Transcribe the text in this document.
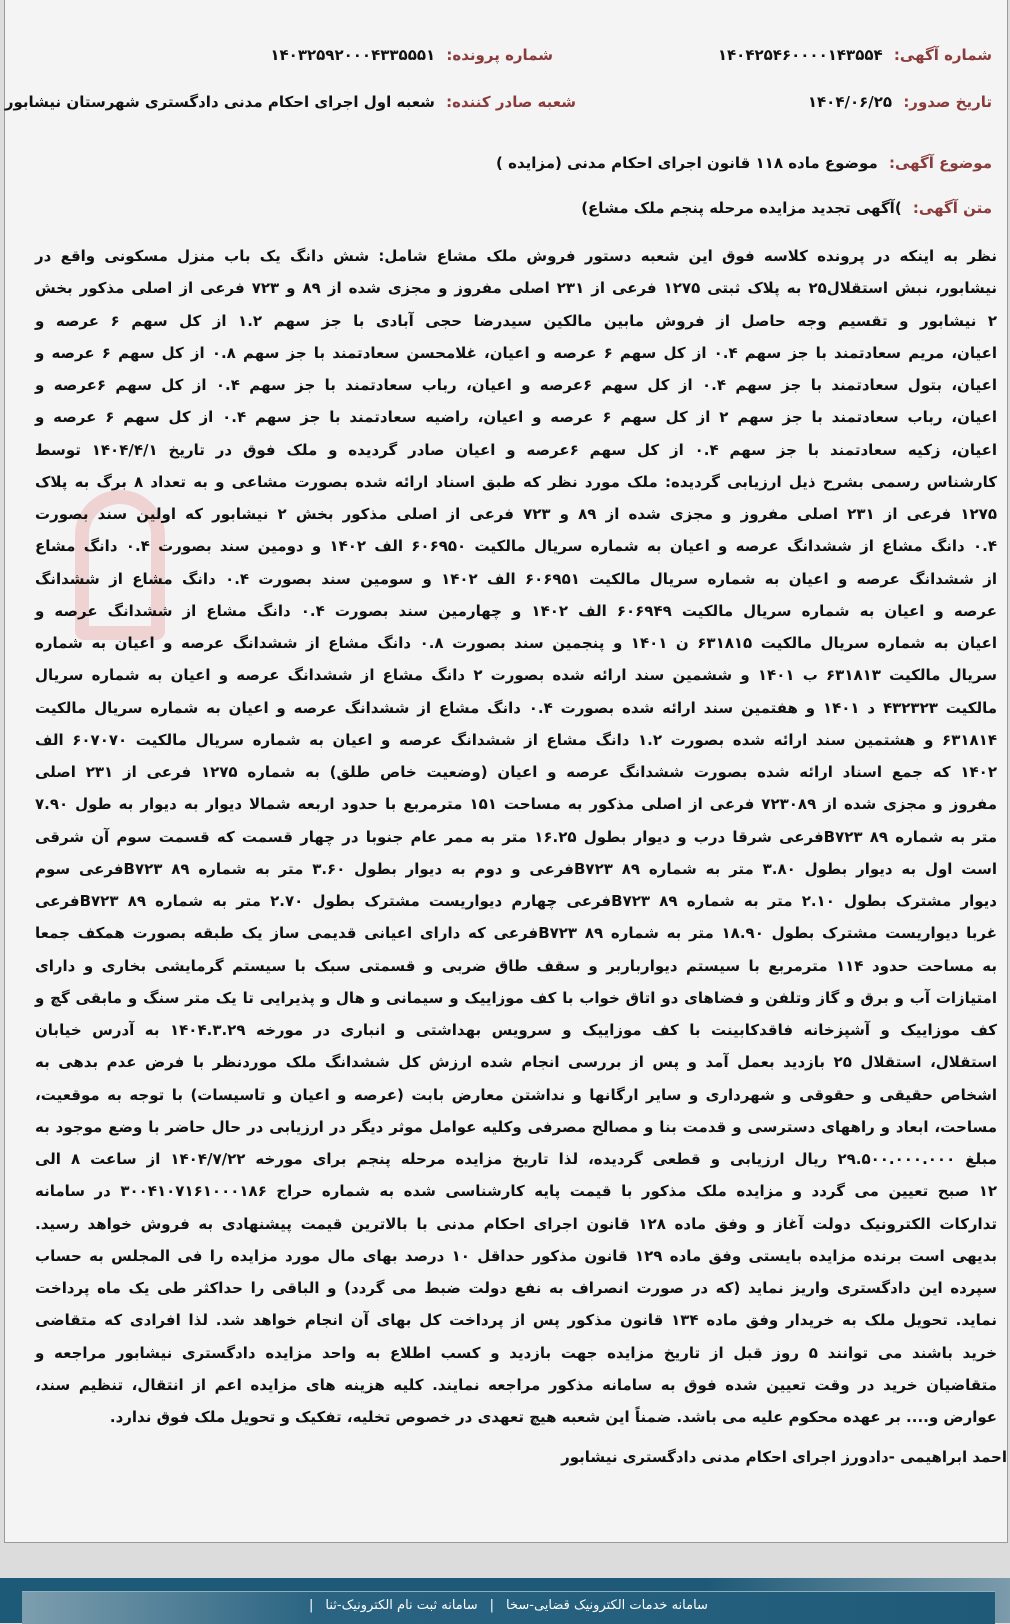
شماره آگهی: ۱۴۰۴۲۵۴۶۰۰۰۰۱۴۳۵۵۴
شماره پرونده: ۱۴۰۳۲۵۹۲۰۰۰۴۳۳۵۵۵۱
تاریخ صدور: ۱۴۰۴/۰۶/۲۵
شعبه صادر کننده: شعبه اول اجرای احکام مدنی دادگستری شهرستان نیشابور
موضوع آگهی: موضوع ماده ۱۱۸ قانون اجرای احکام مدنی (مزایده )
متن آگهی: )آگهی تجدید مزایده مرحله پنجم ملک مشاع)
نظر به اینکه در پرونده کلاسه فوق این شعبه دستور فروش ملک مشاع شامل: شش دانگ یک باب منزل مسکونی واقع در
نیشابور، نبش استقلال۲۵ به پلاک ثبتی ۱۲۷۵ فرعی از ۲۳۱ اصلی مفروز و مجزی شده از ۸۹ و ۷۲۳ فرعی از اصلی مذکور بخش
۲ نیشابور و تقسیم وجه حاصل از فروش مابین مالکین سیدرضا حجی آبادی با جز سهم ۱.۲ از کل سهم ۶ عرصه و
اعیان، مریم سعادتمند با جز سهم ۰.۴ از کل سهم ۶ عرصه و اعیان، غلامحسن سعادتمند با جز سهم ۰.۸ از کل سهم ۶ عرصه و
اعیان، بتول سعادتمند با جز سهم ۰.۴ از کل سهم ۶عرصه و اعیان، رباب سعادتمند با جز سهم ۰.۴ از کل سهم ۶عرصه و
اعیان، رباب سعادتمند با جز سهم ۲ از کل سهم ۶ عرصه و اعیان، راضیه سعادتمند با جز سهم ۰.۴ از کل سهم ۶ عرصه و
اعیان، زکیه سعادتمند با جز سهم ۰.۴ از کل سهم ۶عرصه و اعیان صادر گردیده و ملک فوق در تاریخ ۱۴۰۴/۴/۱ توسط
کارشناس رسمی بشرح ذیل ارزیابی گردیده: ملک مورد نظر که طبق اسناد ارائه شده بصورت مشاعی و به تعداد ۸ برگ به پلاک
۱۲۷۵ فرعی از ۲۳۱ اصلی مفروز و مجزی شده از ۸۹ و ۷۲۳ فرعی از اصلی مذکور بخش ۲ نیشابور که اولین سند بصورت
۰.۴ دانگ مشاع از ششدانگ عرصه و اعیان به شماره سریال مالکیت ۶۰۶۹۵۰ الف ۱۴۰۲ و دومین سند بصورت ۰.۴ دانگ مشاع
از ششدانگ عرصه و اعیان به شماره سریال مالکیت ۶۰۶۹۵۱ الف ۱۴۰۲ و سومین سند بصورت ۰.۴ دانگ مشاع از ششدانگ
عرصه و اعیان به شماره سریال مالکیت ۶۰۶۹۴۹ الف ۱۴۰۲ و چهارمین سند بصورت ۰.۴ دانگ مشاع از ششدانگ عرصه و
اعیان به شماره سریال مالکیت ۶۳۱۸۱۵ ن ۱۴۰۱ و پنجمین سند بصورت ۰.۸ دانگ مشاع از ششدانگ عرصه و اعیان به شماره
سریال مالکیت ۶۳۱۸۱۳ ب ۱۴۰۱ و ششمین سند ارائه شده بصورت ۲ دانگ مشاع از ششدانگ عرصه و اعیان به شماره سریال
مالکیت ۴۳۲۳۲۳ د ۱۴۰۱ و هفتمین سند ارائه شده بصورت ۰.۴ دانگ مشاع از ششدانگ عرصه و اعیان به شماره سریال مالکیت
۶۳۱۸۱۴ و هشتمین سند ارائه شده بصورت ۱.۲ دانگ مشاع از ششدانگ عرصه و اعیان به شماره سریال مالکیت ۶۰۷۰۷۰ الف
۱۴۰۲ که جمع اسناد ارائه شده بصورت ششدانگ عرصه و اعیان (وضعیت خاص طلق) به شماره ۱۲۷۵ فرعی از ۲۳۱ اصلی
مفروز و مجزی شده از ۷۲۳۰۸۹ فرعی از اصلی مذکور به مساحت ۱۵۱ مترمربع با حدود اربعه شمالا دیوار به دیوار به طول ۷.۹۰
متر به شماره ۸۹ B۷۲۳فرعی شرقا درب و دیوار بطول ۱۶.۲۵ متر به ممر عام جنوبا در چهار قسمت که قسمت سوم آن شرقی
است اول به دیوار بطول ۳.۸۰ متر به شماره ۸۹ B۷۲۳فرعی و دوم به دیوار بطول ۳.۶۰ متر به شماره ۸۹ B۷۲۳فرعی سوم
دیوار مشترک بطول ۲.۱۰ متر به شماره ۸۹ B۷۲۳فرعی چهارم دیواریست مشترک بطول ۲.۷۰ متر به شماره ۸۹ B۷۲۳فرعی
غربا دیواریست مشترک بطول ۱۸.۹۰ متر به شماره ۸۹ B۷۲۳فرعی که دارای اعیانی قدیمی ساز یک طبقه بصورت همکف جمعا
به مساحت حدود ۱۱۴ مترمربع با سیستم دیوارباربر و سقف طاق ضربی و قسمتی سبک با سیستم گرمایشی بخاری و دارای
امتیازات آب و برق و گاز وتلفن و فضاهای دو اتاق خواب با کف موزاییک و سیمانی و هال و پذیرایی تا یک متر سنگ و مابقی گچ و
کف موزاییک و آشپزخانه فاقدکابینت با کف موزاییک و سرویس بهداشتی و انباری در مورخه ۱۴۰۴.۳.۲۹ به آدرس خیابان
استقلال، استقلال ۲۵ بازدید بعمل آمد و پس از بررسی انجام شده ارزش کل ششدانگ ملک موردنظر با فرض عدم بدهی به
اشخاص حقیقی و حقوقی و شهرداری و سایر ارگانها و نداشتن معارض بابت (عرصه و اعیان و تاسیسات) با توجه به موقعیت،
مساحت، ابعاد و راههای دسترسی و قدمت بنا و مصالح مصرفی وکلیه عوامل موثر دیگر در ارزیابی در حال حاضر با وضع موجود به
مبلغ ۲۹.۵۰۰.۰۰۰.۰۰۰ ریال ارزیابی و قطعی گردیده، لذا تاریخ مزایده مرحله پنجم برای مورخه ۱۴۰۴/۷/۲۲ از ساعت ۸ الی
۱۲ صبح تعیین می گردد و مزایده ملک مذکور با قیمت پایه کارشناسی شده به شماره حراج ۳۰۰۴۱۰۷۱۶۱۰۰۰۱۸۶ در سامانه
تدارکات الکترونیک دولت آغاز و وفق ماده ۱۲۸ قانون اجرای احکام مدنی با بالاترین قیمت پیشنهادی به فروش خواهد رسید.
بدیهی است برنده مزایده بایستی وفق ماده ۱۲۹ قانون مذکور حداقل ۱۰ درصد بهای مال مورد مزایده را فی المجلس به حساب
سپرده این دادگستری واریز نماید (که در صورت انصراف به نفع دولت ضبط می گردد) و الباقی را حداکثر طی یک ماه پرداخت
نماید. تحویل ملک به خریدار وفق ماده ۱۳۴ قانون مذکور پس از پرداخت کل بهای آن انجام خواهد شد. لذا افرادی که متقاضی
خرید باشند می توانند ۵ روز قبل از تاریخ مزایده جهت بازدید و کسب اطلاع به واحد مزایده دادگستری نیشابور مراجعه و
متقاضیان خرید در وقت تعیین شده فوق به سامانه مذکور مراجعه نمایند. کلیه هزینه های مزایده اعم از انتقال، تنظیم سند،
عوارض و.... بر عهده محکوم علیه می باشد. ضمناً این شعبه هیچ تعهدی در خصوص تخلیه، تفکیک و تحویل ملک فوق ندارد.
احمد ابراهیمی -دادورز اجرای احکام مدنی دادگستری نیشابور
سامانه خدمات الکترونیک قضایی-سخا|سامانه ثبت نام الکترونیک-ثنا|
